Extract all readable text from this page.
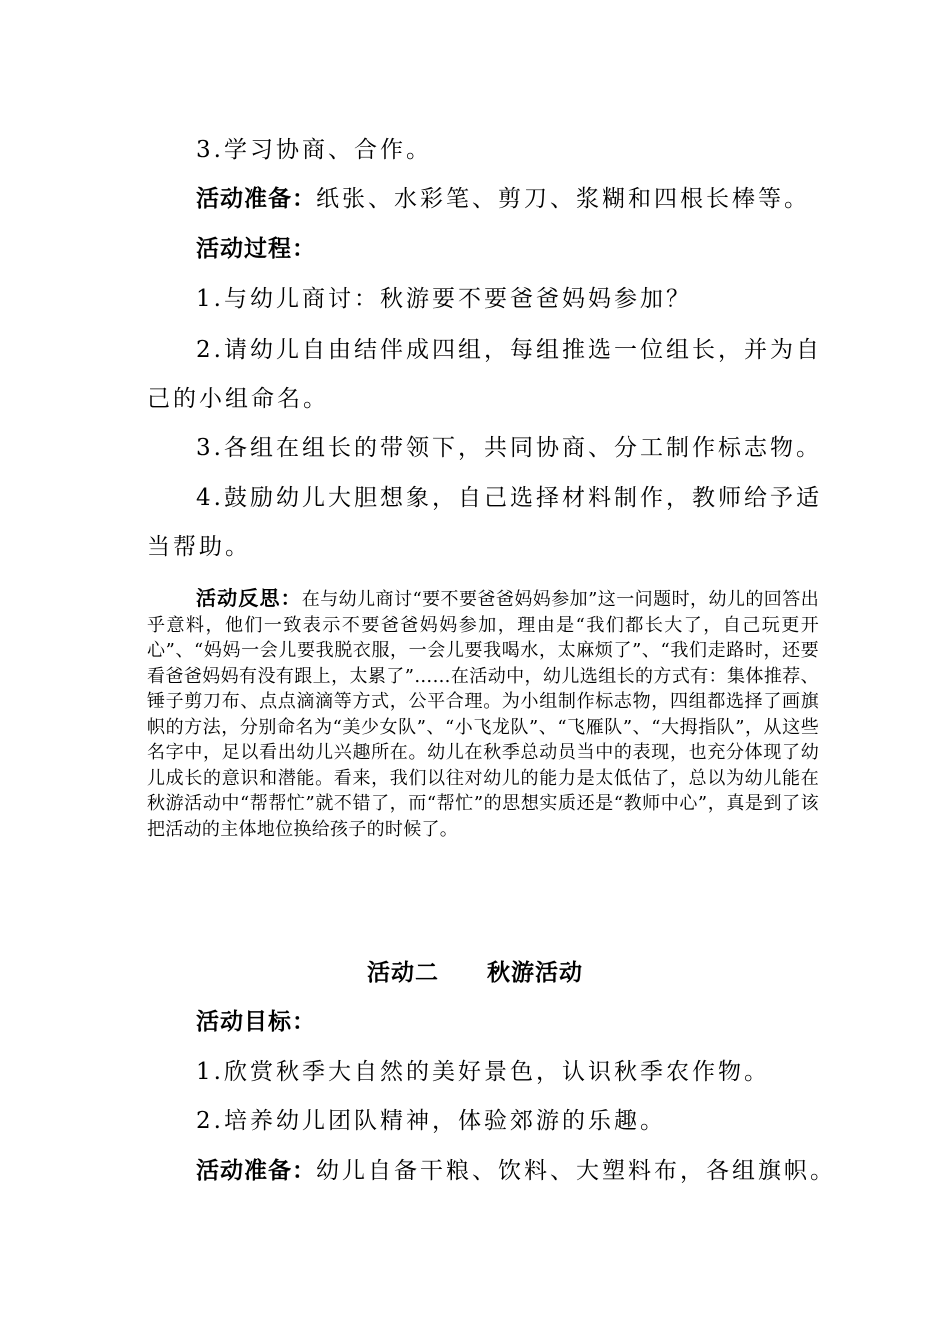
3.学习协商、合作。
活动准备：纸张、水彩笔、剪刀、浆糊和四根长棒等。
活动过程：
1.与幼儿商讨：秋游要不要爸爸妈妈参加？
2.请幼儿自由结伴成四组，每组推选一位组长，并为自
己的小组命名。
3.各组在组长的带领下，共同协商、分工制作标志物。
4.鼓励幼儿大胆想象，自己选择材料制作，教师给予适
当帮助。
活动反思：在与幼儿商讨“要不要爸爸妈妈参加”这一问题时，幼儿的回答出乎意料，他们一致表示不要爸爸妈妈参加，理由是“我们都长大了，自己玩更开心”、“妈妈一会儿要我脱衣服，一会儿要我喝水，太麻烦了”、“我们走路时，还要看爸爸妈妈有没有跟上，太累了”……在活动中，幼儿选组长的方式有：集体推荐、锤子剪刀布、点点滴滴等方式，公平合理。为小组制作标志物，四组都选择了画旗帜的方法，分别命名为“美少女队”、“小飞龙队”、“飞雁队”、“大拇指队”，从这些名字中，足以看出幼儿兴趣所在。幼儿在秋季总动员当中的表现，也充分体现了幼儿成长的意识和潜能。看来，我们以往对幼儿的能力是太低估了，总以为幼儿能在秋游活动中“帮帮忙”就不错了，而“帮忙”的思想实质还是“教师中心”，真是到了该把活动的主体地位换给孩子的时候了。
活动二 秋游活动
活动目标：
1.欣赏秋季大自然的美好景色，认识秋季农作物。
2.培养幼儿团队精神，体验郊游的乐趣。
活动准备：幼儿自备干粮、饮料、大塑料布，各组旗帜。
